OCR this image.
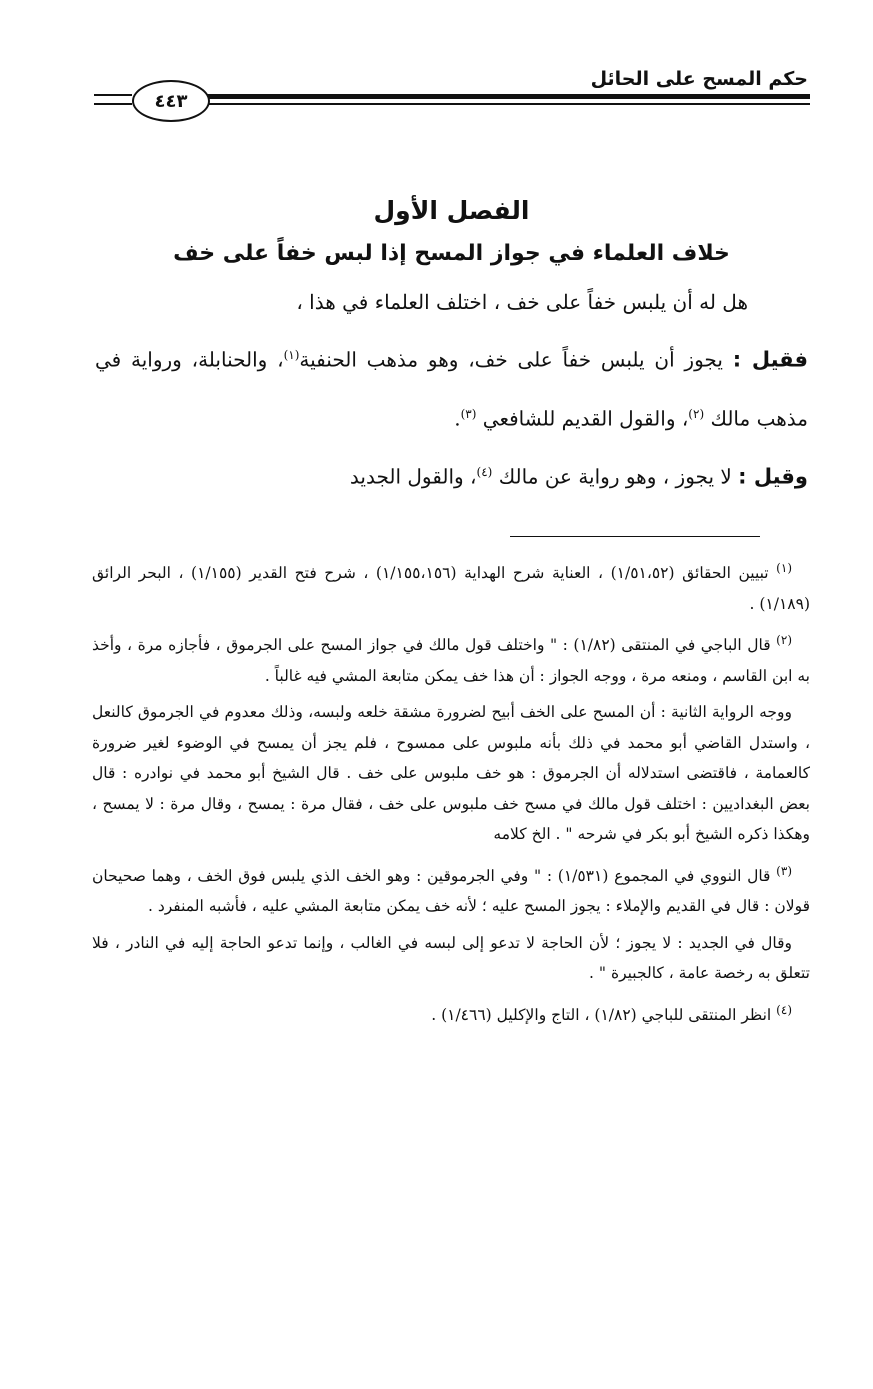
حكم المسح على الحائل
٤٤٣
الفصل الأول
خلاف العلماء في جواز المسح إذا لبس خفاً على خف

هل له أن يلبس خفاً على خف ، اختلف العلماء في هذا ،

فقيل : يجوز أن يلبس خفاً على خف، وهو مذهب الحنفية$^{(١)}$، والحنابلة، ورواية في مذهب مالك $^{(٢)}$، والقول القديم للشافعي $^{(٣)}$.

وقيل : لا يجوز ، وهو رواية عن مالك $^{(٤)}$، والقول الجديد

$^{(١)}$ تبيين الحقائق (١/٥١،٥٢) ، العناية شرح الهداية (١/١٥٥،١٥٦) ، شرح فتح القدير (١/١٥٥) ، البحر الرائق (١/١٨٩) .

$^{(٢)}$ قال الباجي في المنتقى (١/٨٢) : " واختلف قول مالك في جواز المسح على الجرموق ، فأجازه مرة ، وأخذ به ابن القاسم ، ومنعه مرة ، ووجه الجواز : أن هذا خف يمكن متابعة المشي فيه غالباً .

ووجه الرواية الثانية : أن المسح على الخف أبيح لضرورة مشقة خلعه ولبسه، وذلك معدوم في الجرموق كالنعل ، واستدل القاضي أبو محمد في ذلك بأنه ملبوس على ممسوح ، فلم يجز أن يمسح في الوضوء لغير ضرورة كالعمامة ، فاقتضى استدلاله أن الجرموق : هو خف ملبوس على خف . قال الشيخ أبو محمد في نوادره : قال بعض البغداديين : اختلف قول مالك في مسح خف ملبوس على خف ، فقال مرة : يمسح ، وقال مرة : لا يمسح ، وهكذا ذكره الشيخ أبو بكر في شرحه " . الخ كلامه

$^{(٣)}$ قال النووي في المجموع (١/٥٣١) : " وفي الجرموقين : وهو الخف الذي يلبس فوق الخف ، وهما صحيحان قولان : قال في القديم والإملاء : يجوز المسح عليه ؛ لأنه خف يمكن متابعة المشي عليه ، فأشبه المنفرد .

وقال في الجديد : لا يجوز ؛ لأن الحاجة لا تدعو إلى لبسه في الغالب ، وإنما تدعو الحاجة إليه في النادر ، فلا تتعلق به رخصة عامة ، كالجبيرة " .

$^{(٤)}$ انظر المنتقى للباجي (١/٨٢) ، التاج والإكليل (١/٤٦٦) .
